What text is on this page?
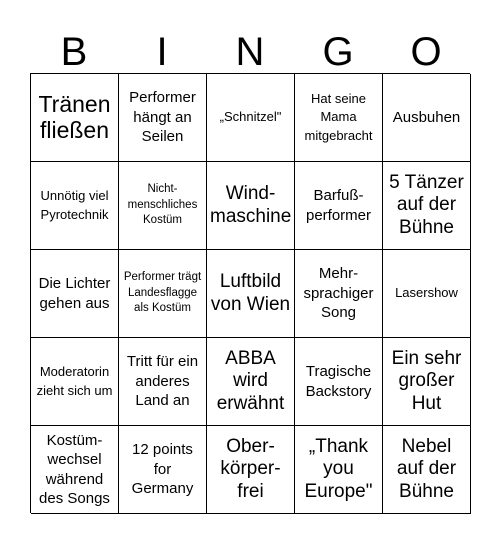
B	I	N	G	O
Tränen fließen
Performer hängt an Seilen
„Schnitzel"
Hat seine Mama mitgebracht
Ausbuhen
Unnötig viel Pyrotechnik
Nicht-menschliches Kostüm
Wind-maschine
Barfuß-performer
5 Tänzer auf der Bühne
Die Lichter gehen aus
Performer trägt Landesflagge als Kostüm
Luftbild von Wien
Mehr-sprachiger Song
Lasershow
Moderatorin zieht sich um
Tritt für ein anderes Land an
ABBA wird erwähnt
Tragische Backstory
Ein sehr großer Hut
Kostüm-wechsel während des Songs
12 points for Germany
Ober-körper-frei
„Thank you Europe"
Nebel auf der Bühne
